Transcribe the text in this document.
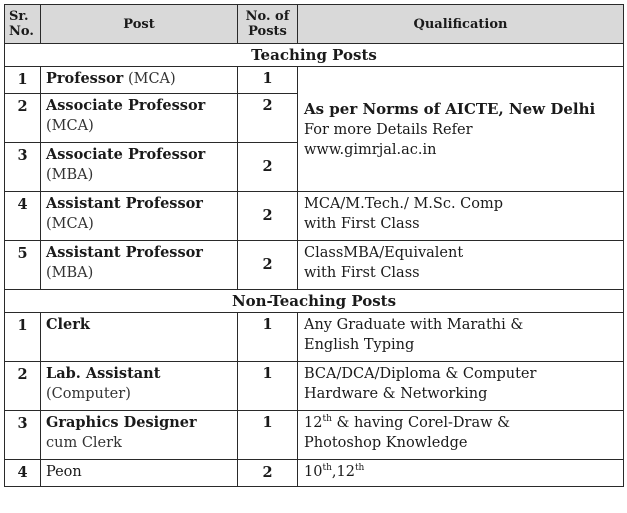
Sr.
No.	Post	No. of
Posts	Qualification
Teaching Posts			
1	Professor (MCA)	1	As per Norms of AICTE, New Delhi
For more Details Refer
www.gimrjal.ac.in
2	Associate Professor
(MCA)	2	
3	Associate Professor
(MBA)	2	
4	Assistant Professor
(MCA)	2	MCA/M.Tech./ M.Sc. Comp
with First Class
5	Assistant Professor
(MBA)	2	ClassMBA/Equivalent
with First Class
Non-Teaching Posts			
1	Clerk	1	Any Graduate with Marathi &
English Typing
2	Lab. Assistant
(Computer)	1	BCA/DCA/Diploma & Computer
Hardware & Networking
3	Graphics Designer
cum Clerk	1	12th & having Corel-Draw &
Photoshop Knowledge
4	Peon	2	10th,12th
